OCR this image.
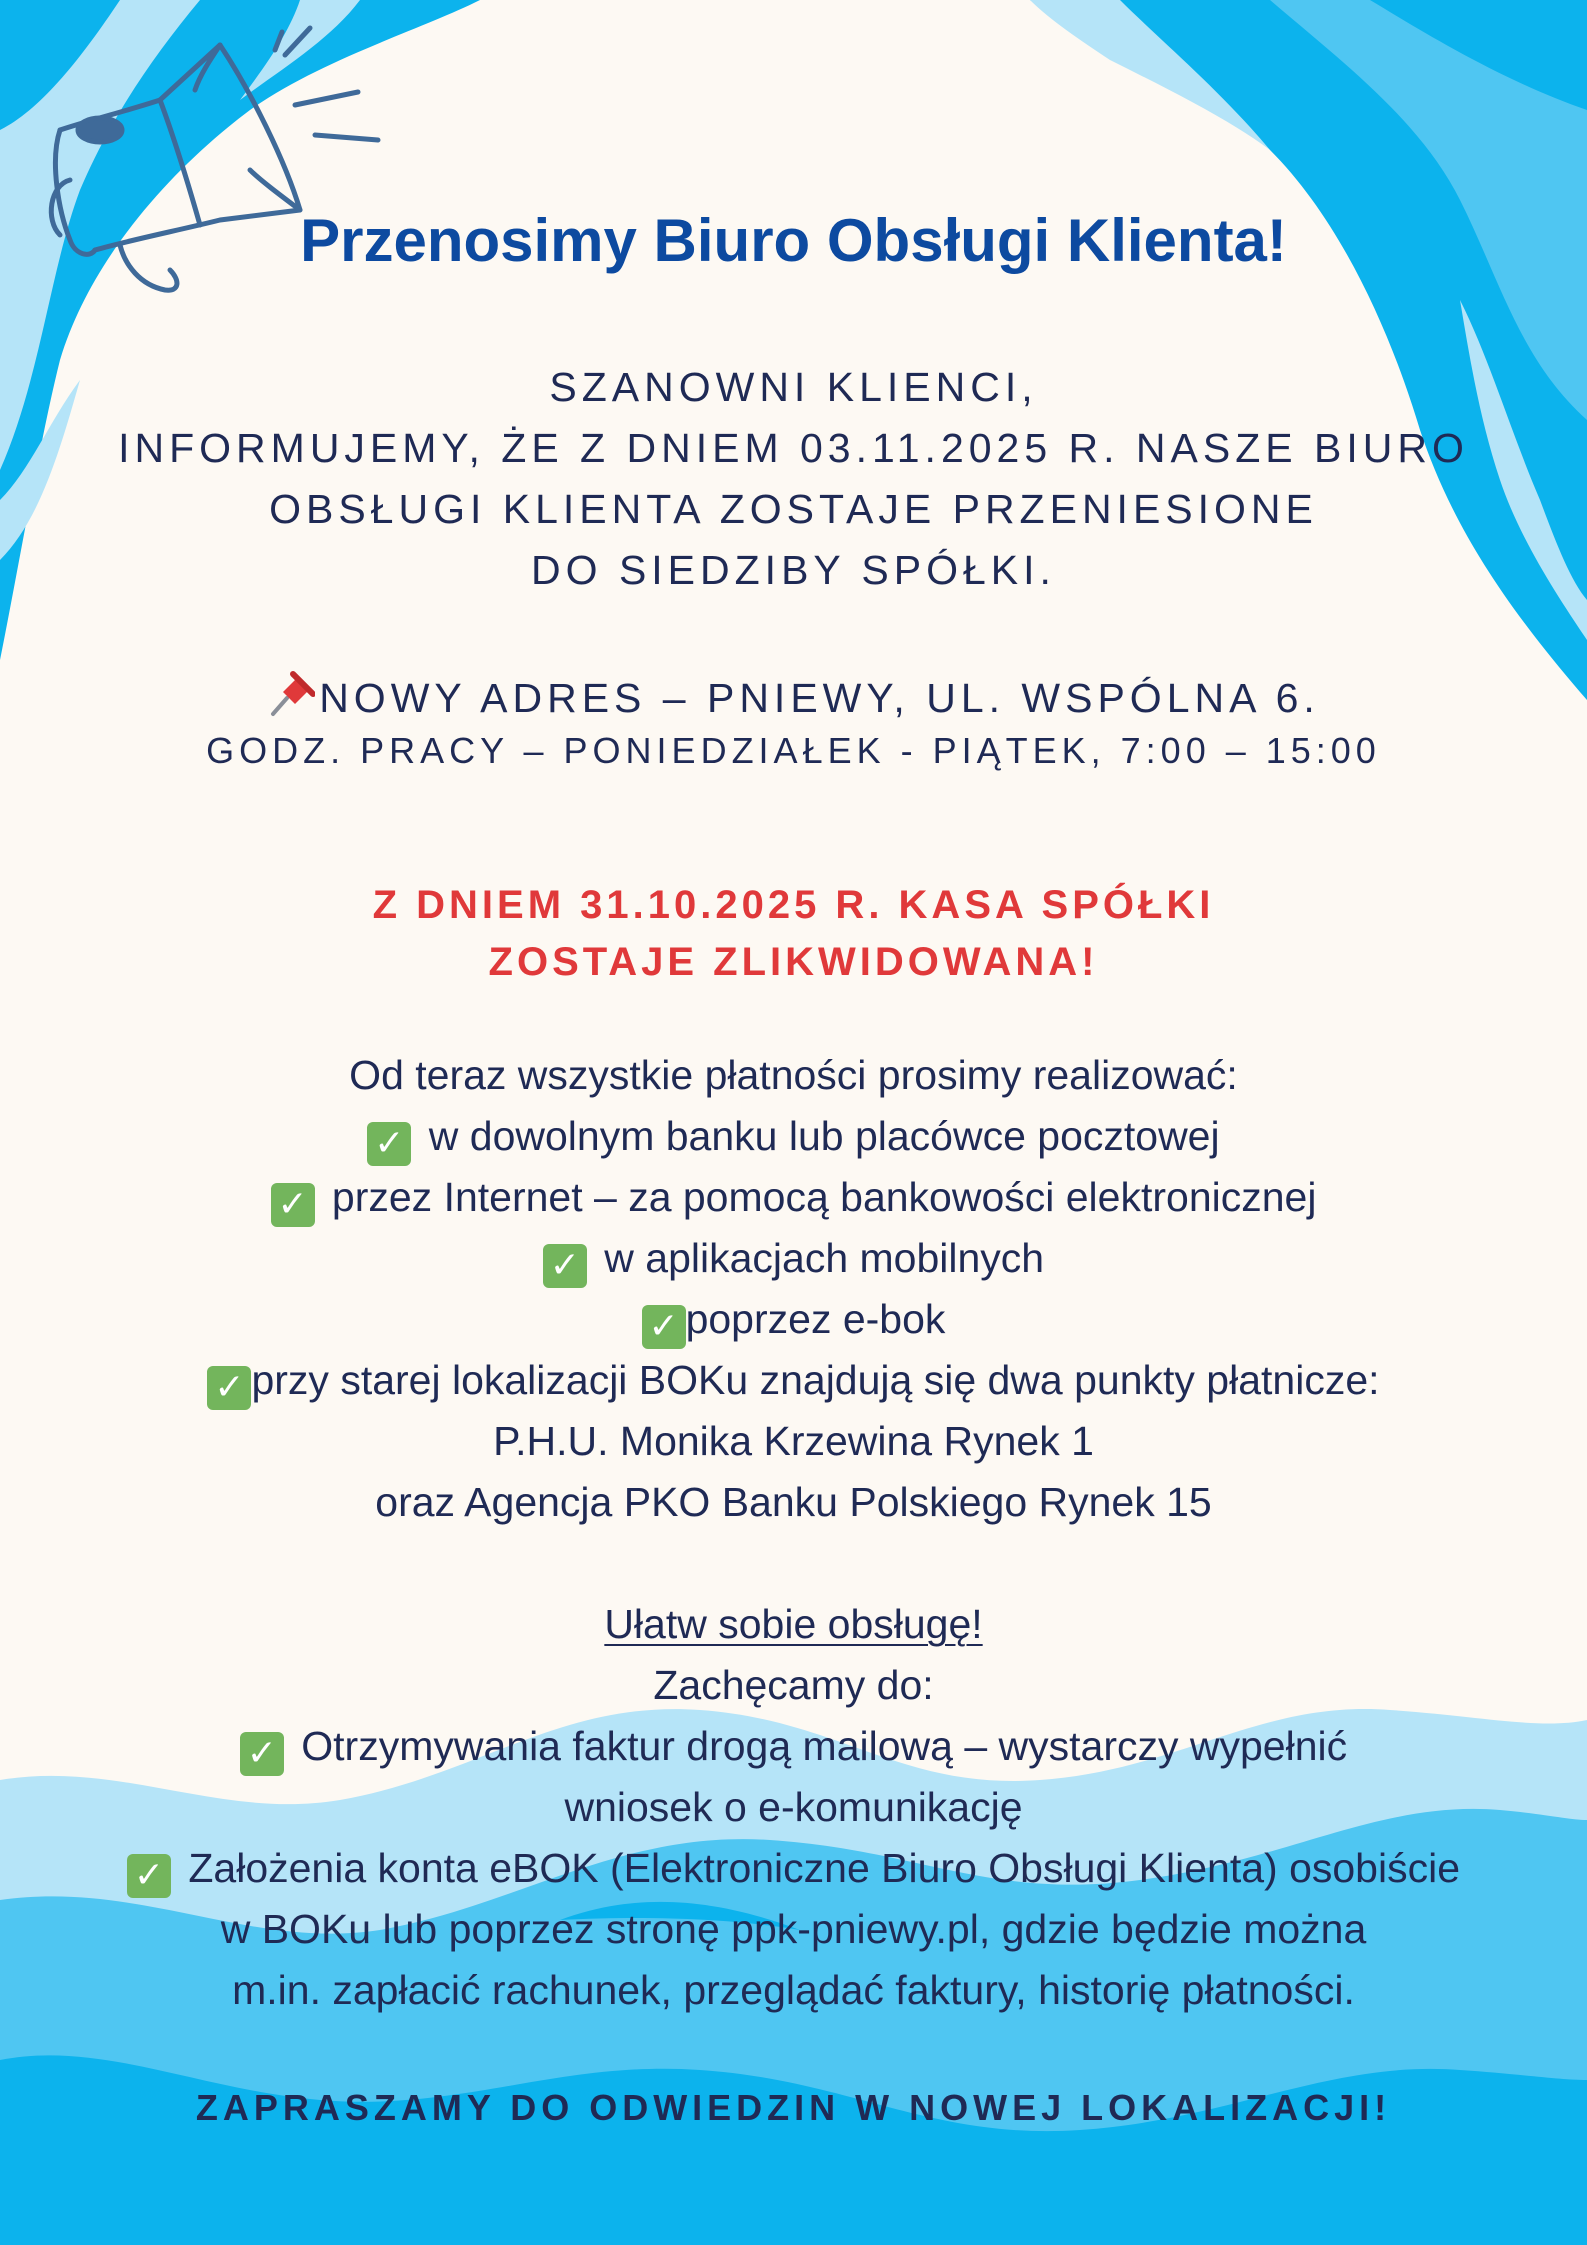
Przenosimy Biuro Obsługi Klienta!
SZANOWNI KLIENCI,
INFORMUJEMY, ŻE Z DNIEM 03.11.2025 R. NASZE BIURO
OBSŁUGI KLIENTA ZOSTAJE PRZENIESIONE
DO SIEDZIBY SPÓŁKI.
NOWY ADRES – PNIEWY, UL. WSPÓLNA 6.
GODZ. PRACY – PONIEDZIAŁEK - PIĄTEK, 7:00 – 15:00
Z DNIEM 31.10.2025 R. KASA SPÓŁKI
ZOSTAJE ZLIKWIDOWANA!
Od teraz wszystkie płatności prosimy realizować:
✓ w dowolnym banku lub placówce pocztowej
✓ przez Internet – za pomocą bankowości elektronicznej
✓ w aplikacjach mobilnych
✓ poprzez e-bok
✓ przy starej lokalizacji BOKu znajdują się dwa punkty płatnicze:
P.H.U. Monika Krzewina Rynek 1
oraz Agencja PKO Banku Polskiego Rynek 15
Ułatw sobie obsługę!
Zachęcamy do:
✓ Otrzymywania faktur drogą mailową – wystarczy wypełnić
wniosek o e-komunikację
✓ Założenia konta eBOK (Elektroniczne Biuro Obsługi Klienta) osobiście
w BOKu lub poprzez stronę ppk-pniewy.pl, gdzie będzie można
m.in. zapłacić rachunek, przeglądać faktury, historię płatności.
ZAPRASZAMY DO ODWIEDZIN W NOWEJ LOKALIZACJI!
